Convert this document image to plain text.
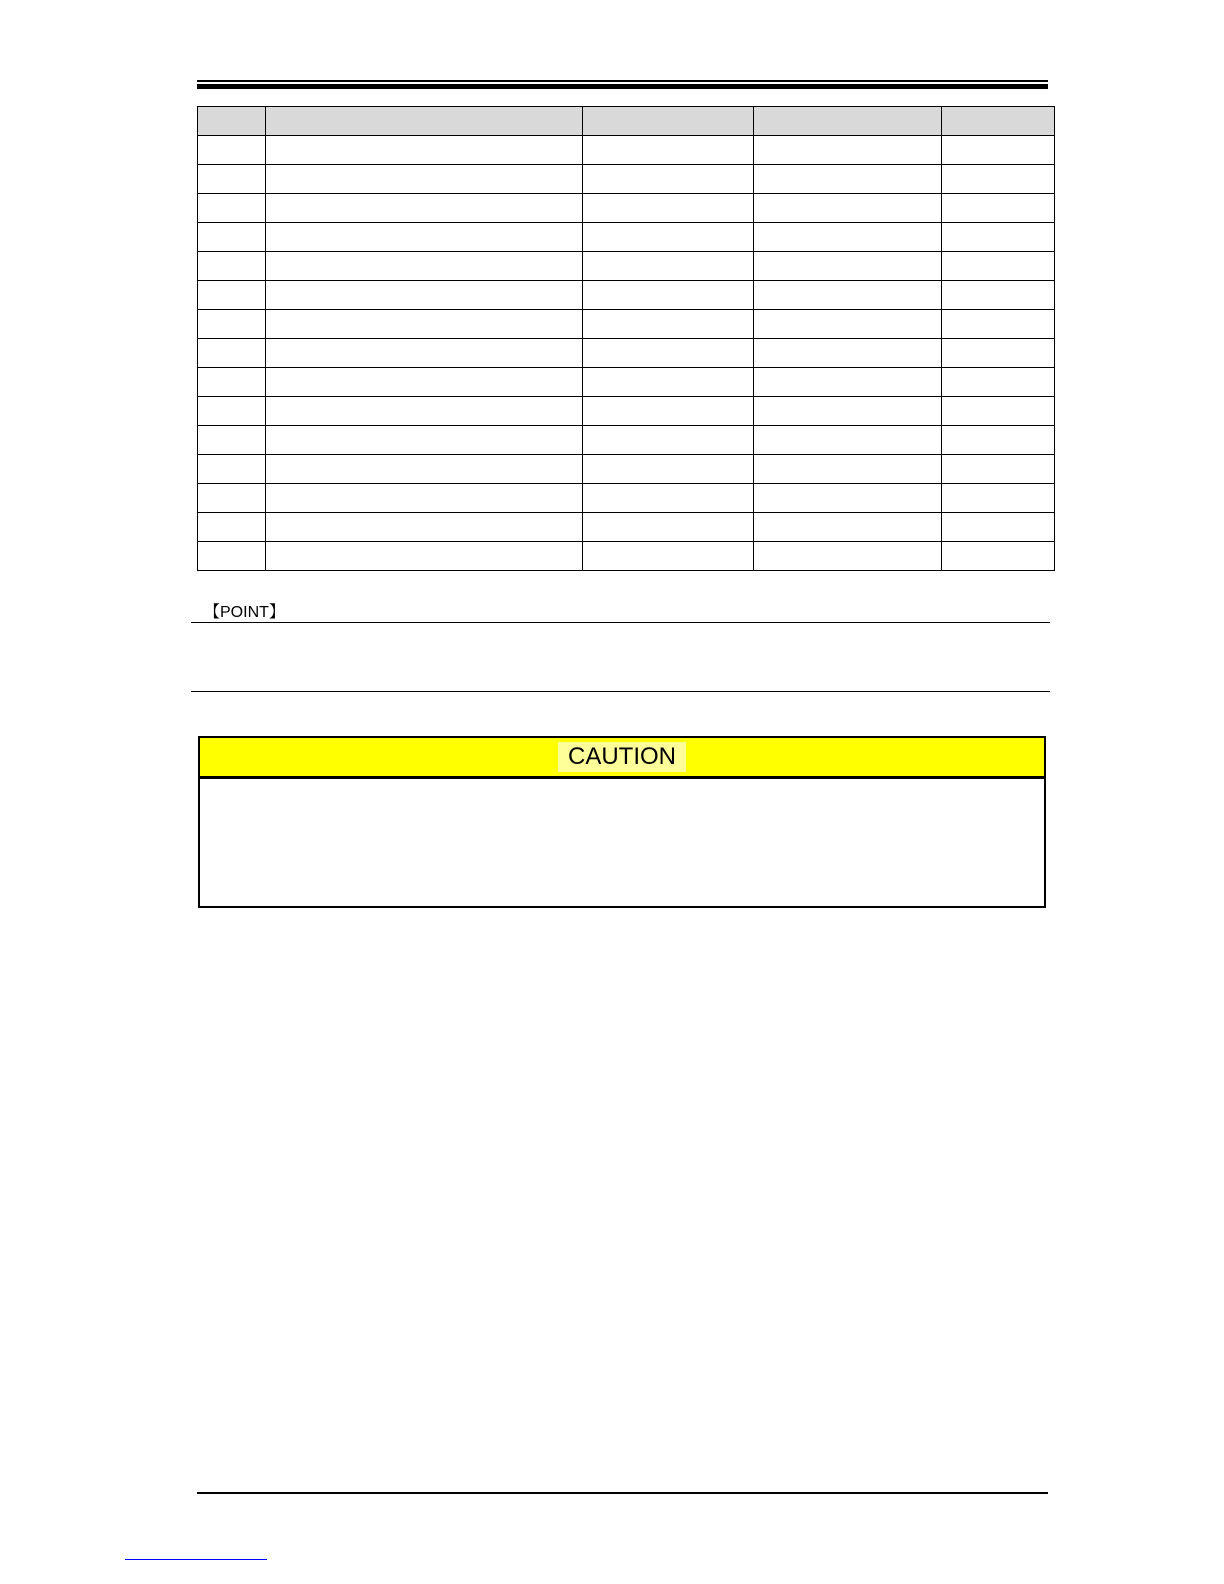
【POINT】
CAUTION
